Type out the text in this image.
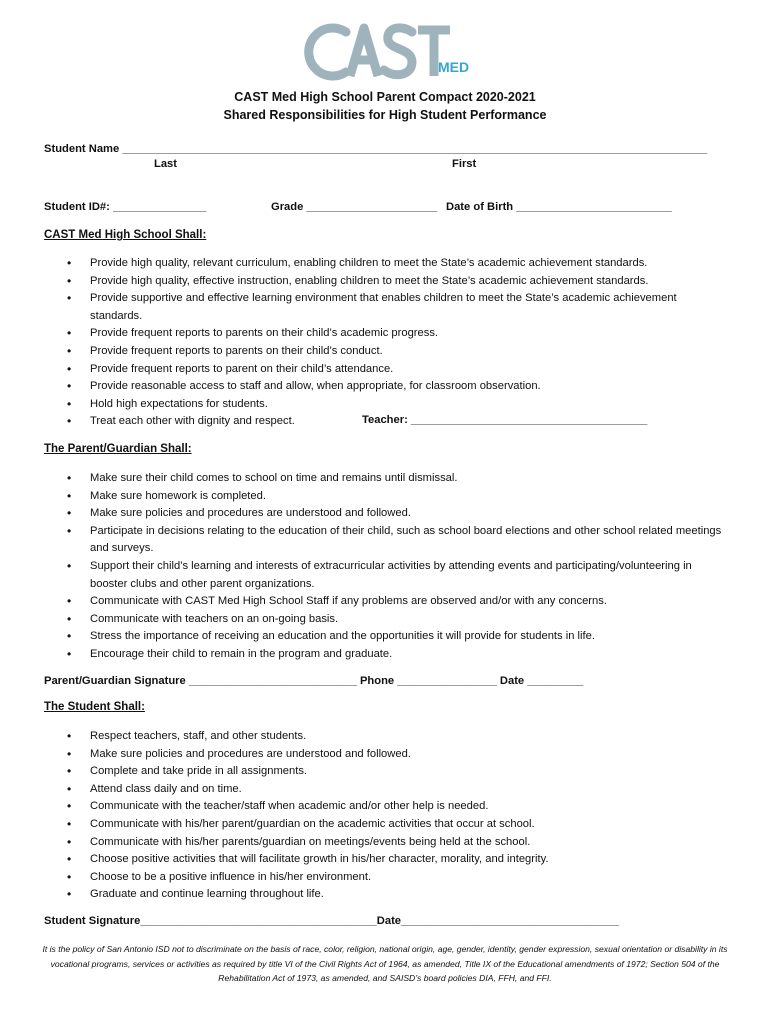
MED
CAST Med High School Parent Compact 2020-2021
Shared Responsibilities for High Student Performance
Student Name ______________________________________________________________________________________________
Last	First
Student ID#: _______________	Grade _____________________ Date of Birth _________________________
CAST Med High School Shall:
• Provide high quality, relevant curriculum, enabling children to meet the State’s academic achievement standards.
• Provide high quality, effective instruction, enabling children to meet the State’s academic achievement standards.
• Provide supportive and effective learning environment that enables children to meet the State’s academic achievement standards.
• Provide frequent reports to parents on their child’s academic progress.
• Provide frequent reports to parents on their child’s conduct.
• Provide frequent reports to parent on their child’s attendance.
• Provide reasonable access to staff and allow, when appropriate, for classroom observation.
• Hold high expectations for students.
• Treat each other with dignity and respect.	Teacher: ______________________________________
The Parent/Guardian Shall:
• Make sure their child comes to school on time and remains until dismissal.
• Make sure homework is completed.
• Make sure policies and procedures are understood and followed.
• Participate in decisions relating to the education of their child, such as school board elections and other school related meetings and surveys.
• Support their child’s learning and interests of extracurricular activities by attending events and participating/volunteering in booster clubs and other parent organizations.
• Communicate with CAST Med High School Staff if any problems are observed and/or with any concerns.
• Communicate with teachers on an on-going basis.
• Stress the importance of receiving an education and the opportunities it will provide for students in life.
• Encourage their child to remain in the program and graduate.
Parent/Guardian Signature ___________________________ Phone ________________ Date _________
The Student Shall:
• Respect teachers, staff, and other students.
• Make sure policies and procedures are understood and followed.
• Complete and take pride in all assignments.
• Attend class daily and on time.
• Communicate with the teacher/staff when academic and/or other help is needed.
• Communicate with his/her parent/guardian on the academic activities that occur at school.
• Communicate with his/her parents/guardian on meetings/events being held at the school.
• Choose positive activities that will facilitate growth in his/her character, morality, and integrity.
• Choose to be a positive influence in his/her environment.
• Graduate and continue learning throughout life.
Student Signature______________________________________Date___________________________________
It is the policy of San Antonio ISD not to discriminate on the basis of race, color, religion, national origin, age, gender, identity, gender expression, sexual orientation or disability in its vocational programs, services or activities as required by title VI of the Civil Rights Act of 1964, as amended, Title IX of the Educational amendments of 1972; Section 504 of the Rehabilitation Act of 1973, as amended, and SAISD’s board policies DIA, FFH, and FFI.
